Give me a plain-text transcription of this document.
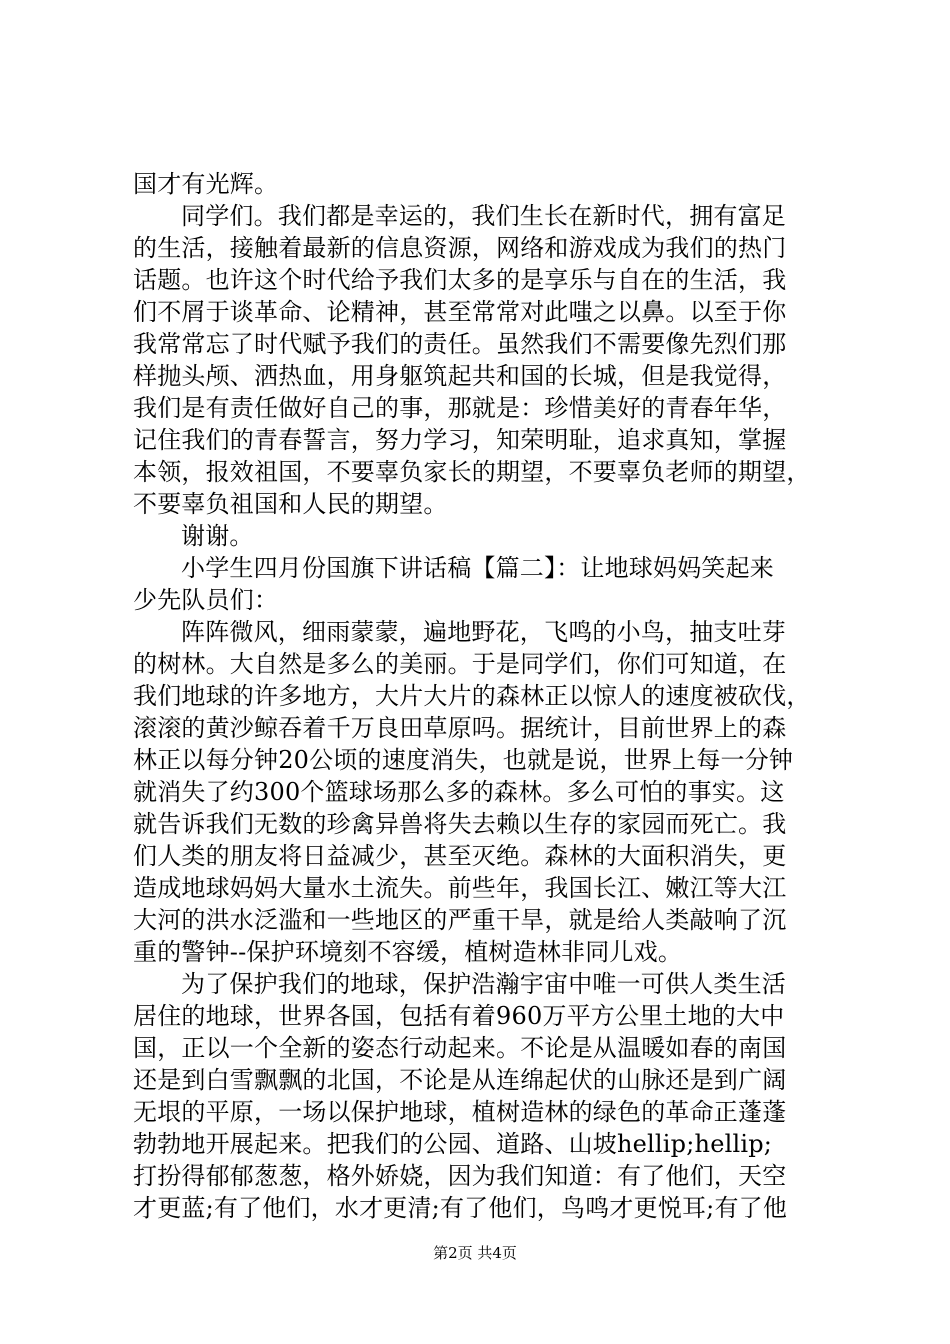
国才有光辉。
同学们。我们都是幸运的，我们生长在新时代，拥有富足
的生活，接触着最新的信息资源，网络和游戏成为我们的热门
话题。也许这个时代给予我们太多的是享乐与自在的生活，我
们不屑于谈革命、论精神，甚至常常对此嗤之以鼻。以至于你
我常常忘了时代赋予我们的责任。虽然我们不需要像先烈们那
样抛头颅、洒热血，用身躯筑起共和国的长城，但是我觉得，
我们是有责任做好自己的事，那就是：珍惜美好的青春年华，
记住我们的青春誓言，努力学习，知荣明耻，追求真知，掌握
本领，报效祖国，不要辜负家长的期望，不要辜负老师的期望，
不要辜负祖国和人民的期望。
谢谢。
小学生四月份国旗下讲话稿【篇二】：让地球妈妈笑起来
少先队员们：
阵阵微风，细雨蒙蒙，遍地野花，飞鸣的小鸟，抽支吐芽
的树林。大自然是多么的美丽。于是同学们，你们可知道，在
我们地球的许多地方，大片大片的森林正以惊人的速度被砍伐，
滚滚的黄沙鲸吞着千万良田草原吗。据统计，目前世界上的森
林正以每分钟20公顷的速度消失，也就是说，世界上每一分钟
就消失了约300个篮球场那么多的森林。多么可怕的事实。这
就告诉我们无数的珍禽异兽将失去赖以生存的家园而死亡。我
们人类的朋友将日益减少，甚至灭绝。森林的大面积消失，更
造成地球妈妈大量水土流失。前些年，我国长江、嫩江等大江
大河的洪水泛滥和一些地区的严重干旱，就是给人类敲响了沉
重的警钟--保护环境刻不容缓，植树造林非同儿戏。
为了保护我们的地球，保护浩瀚宇宙中唯一可供人类生活
居住的地球，世界各国，包括有着960万平方公里土地的大中
国，正以一个全新的姿态行动起来。不论是从温暖如春的南国
还是到白雪飘飘的北国，不论是从连绵起伏的山脉还是到广阔
无垠的平原，一场以保护地球，植树造林的绿色的革命正蓬蓬
勃勃地开展起来。把我们的公园、道路、山坡hellip;hellip;
打扮得郁郁葱葱，格外娇娆，因为我们知道：有了他们，天空
才更蓝;有了他们，水才更清;有了他们，鸟鸣才更悦耳;有了他
第2页 共4页
